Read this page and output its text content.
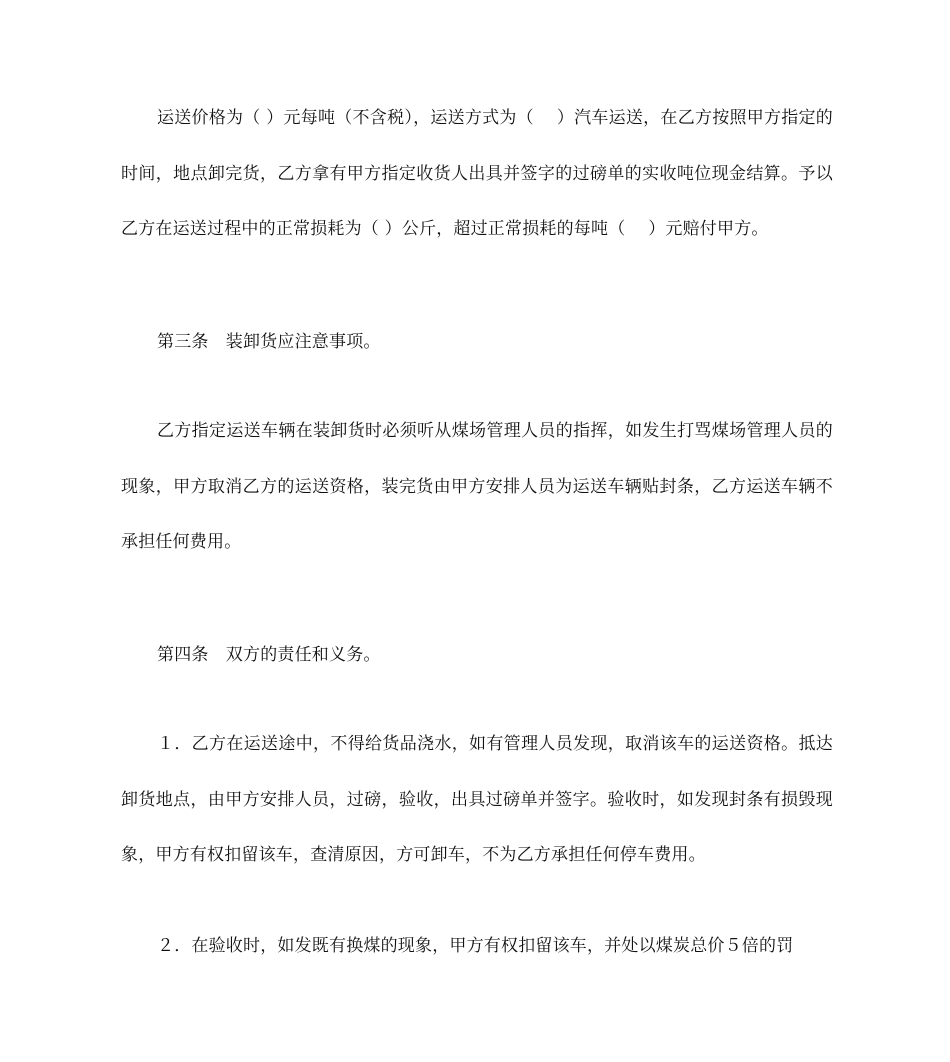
运送价格为（ ）元每吨（不含税），运送方式为（　 ）汽车运送，在乙方按照甲方指定的时间，地点卸完货，乙方拿有甲方指定收货人出具并签字的过磅单的实收吨位现金结算。予以乙方在运送过程中的正常损耗为（ ）公斤，超过正常损耗的每吨（　 ）元赔付甲方。

第三条　装卸货应注意事项。

乙方指定运送车辆在装卸货时必须听从煤场管理人员的指挥，如发生打骂煤场管理人员的现象，甲方取消乙方的运送资格，装完货由甲方安排人员为运送车辆贴封条，乙方运送车辆不承担任何费用。

第四条　双方的责任和义务。

１．乙方在运送途中，不得给货品浇水，如有管理人员发现，取消该车的运送资格。抵达卸货地点，由甲方安排人员，过磅，验收，出具过磅单并签字。验收时，如发现封条有损毁现象，甲方有权扣留该车，查清原因，方可卸车，不为乙方承担任何停车费用。

２．在验收时，如发既有换煤的现象，甲方有权扣留该车，并处以煤炭总价５倍的罚
